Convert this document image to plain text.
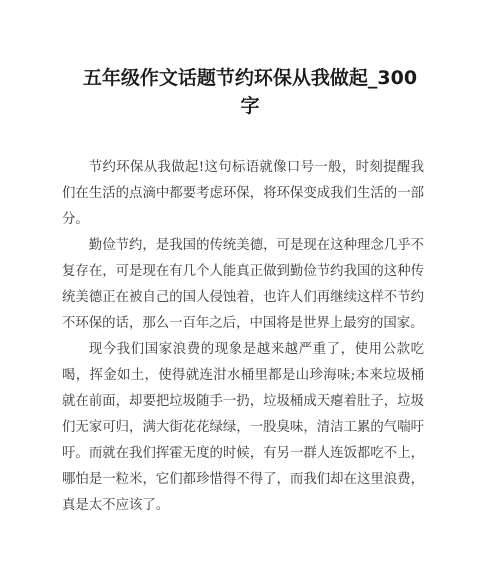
五年级作文话题节约环保从我做起_300
字

节约环保从我做起!这句标语就像口号一般，时刻提醒我们在生活的点滴中都要考虑环保，将环保变成我们生活的一部分。

勤俭节约，是我国的传统美德，可是现在这种理念几乎不复存在，可是现在有几个人能真正做到勤俭节约我国的这种传统美德正在被自己的国人侵蚀着，也许人们再继续这样不节约不环保的话，那么一百年之后，中国将是世界上最穷的国家。

现今我们国家浪费的现象是越来越严重了，使用公款吃喝，挥金如土，使得就连泔水桶里都是山珍海味;本来垃圾桶就在前面，却要把垃圾随手一扔，垃圾桶成天瘪着肚子，垃圾们无家可归，满大街花花绿绿，一股臭味，清洁工累的气喘吁吁。而就在我们挥霍无度的时候，有另一群人连饭都吃不上，哪怕是一粒米，它们都珍惜得不得了，而我们却在这里浪费，真是太不应该了。
